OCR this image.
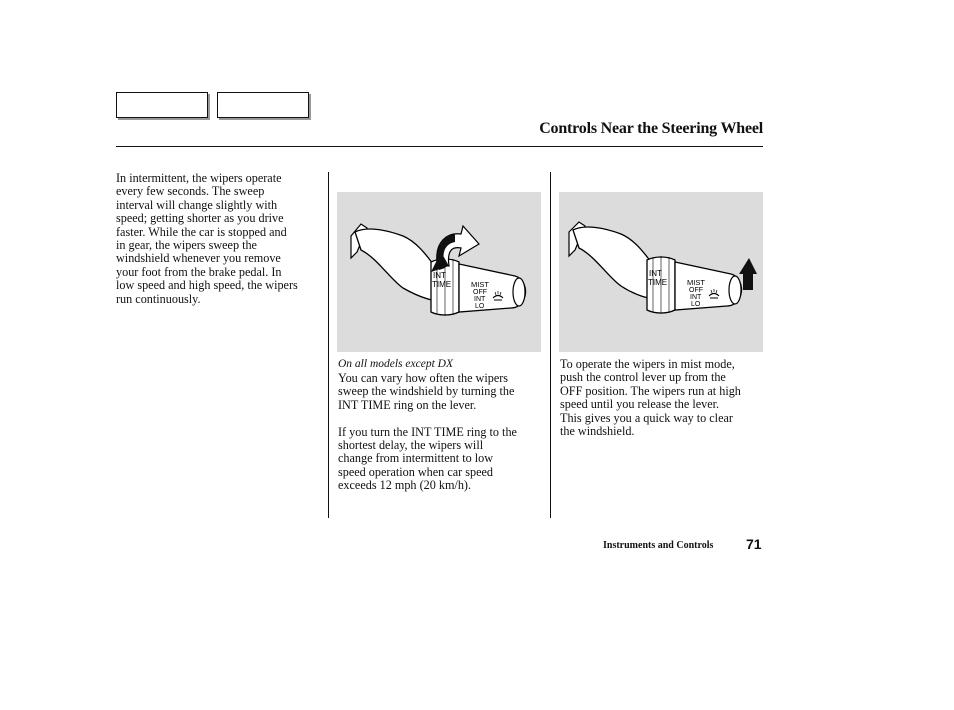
Controls Near the Steering Wheel
In intermittent, the wipers operate
every few seconds. The sweep
interval will change slightly with
speed; getting shorter as you drive
faster. While the car is stopped and
in gear, the wipers sweep the
windshield whenever you remove
your foot from the brake pedal. In
low speed and high speed, the wipers
run continuously.
INT
TIME	MIST
OFF
INT
LO
On all models except DX
You can vary how often the wipers
sweep the windshield by turning the
INT TIME ring on the lever.

If you turn the INT TIME ring to the
shortest delay, the wipers will
change from intermittent to low
speed operation when car speed
exceeds 12 mph (20 km/h).
INT
TIME	MIST
OFF
INT
LO
To operate the wipers in mist mode,
push the control lever up from the
OFF position. The wipers run at high
speed until you release the lever.
This gives you a quick way to clear
the windshield.
Instruments and Controls 71
